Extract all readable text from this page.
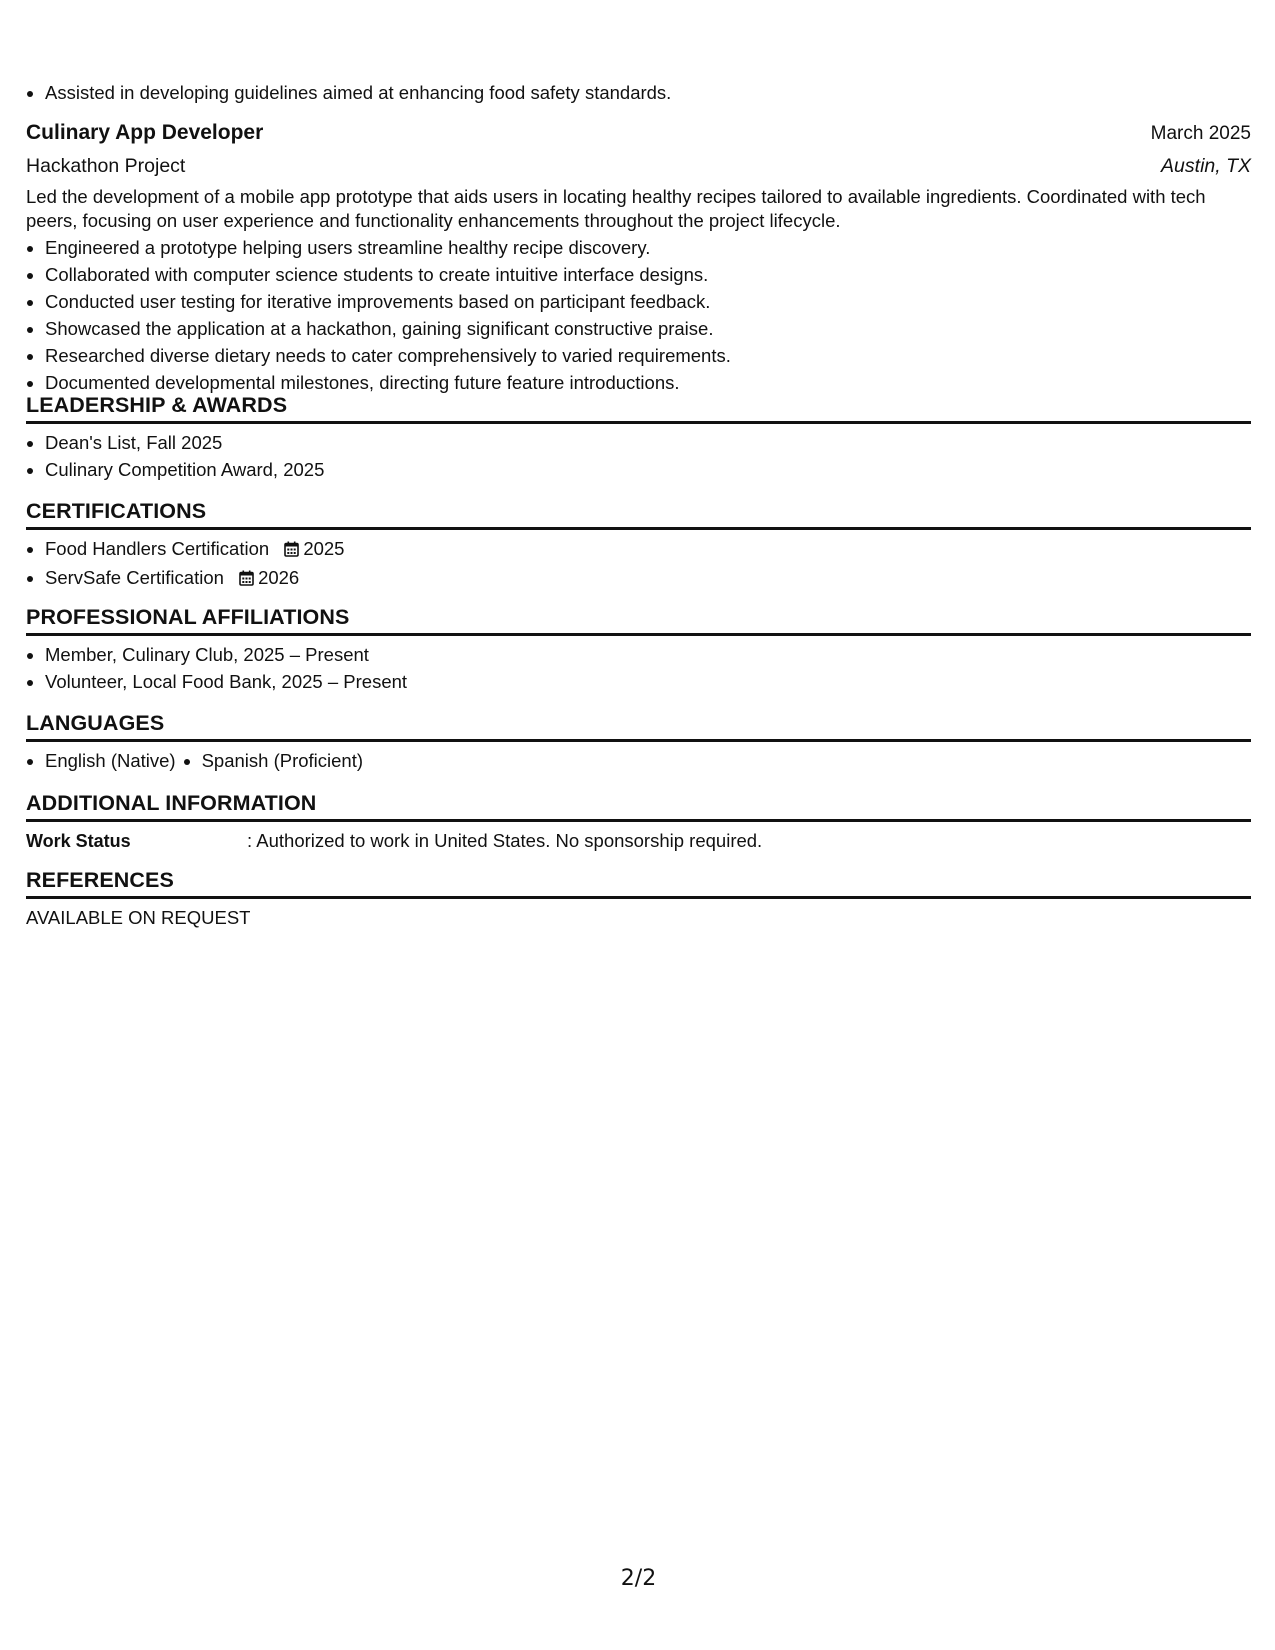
• Assisted in developing guidelines aimed at enhancing food safety standards.
Culinary App Developer	March 2025
Hackathon Project	Austin, TX
Led the development of a mobile app prototype that aids users in locating healthy recipes tailored to available ingredients. Coordinated with tech peers, focusing on user experience and functionality enhancements throughout the project lifecycle.
• Engineered a prototype helping users streamline healthy recipe discovery.
• Collaborated with computer science students to create intuitive interface designs.
• Conducted user testing for iterative improvements based on participant feedback.
• Showcased the application at a hackathon, gaining significant constructive praise.
• Researched diverse dietary needs to cater comprehensively to varied requirements.
• Documented developmental milestones, directing future feature introductions.
LEADERSHIP & AWARDS
• Dean's List, Fall 2025
• Culinary Competition Award, 2025
CERTIFICATIONS
• Food Handlers Certification 2025
• ServSafe Certification 2026
PROFESSIONAL AFFILIATIONS
• Member, Culinary Club, 2025 – Present
• Volunteer, Local Food Bank, 2025 – Present
LANGUAGES
• English (Native)
• Spanish (Proficient)
ADDITIONAL INFORMATION
Work Status	: Authorized to work in United States. No sponsorship required.
REFERENCES
AVAILABLE ON REQUEST
2/2
